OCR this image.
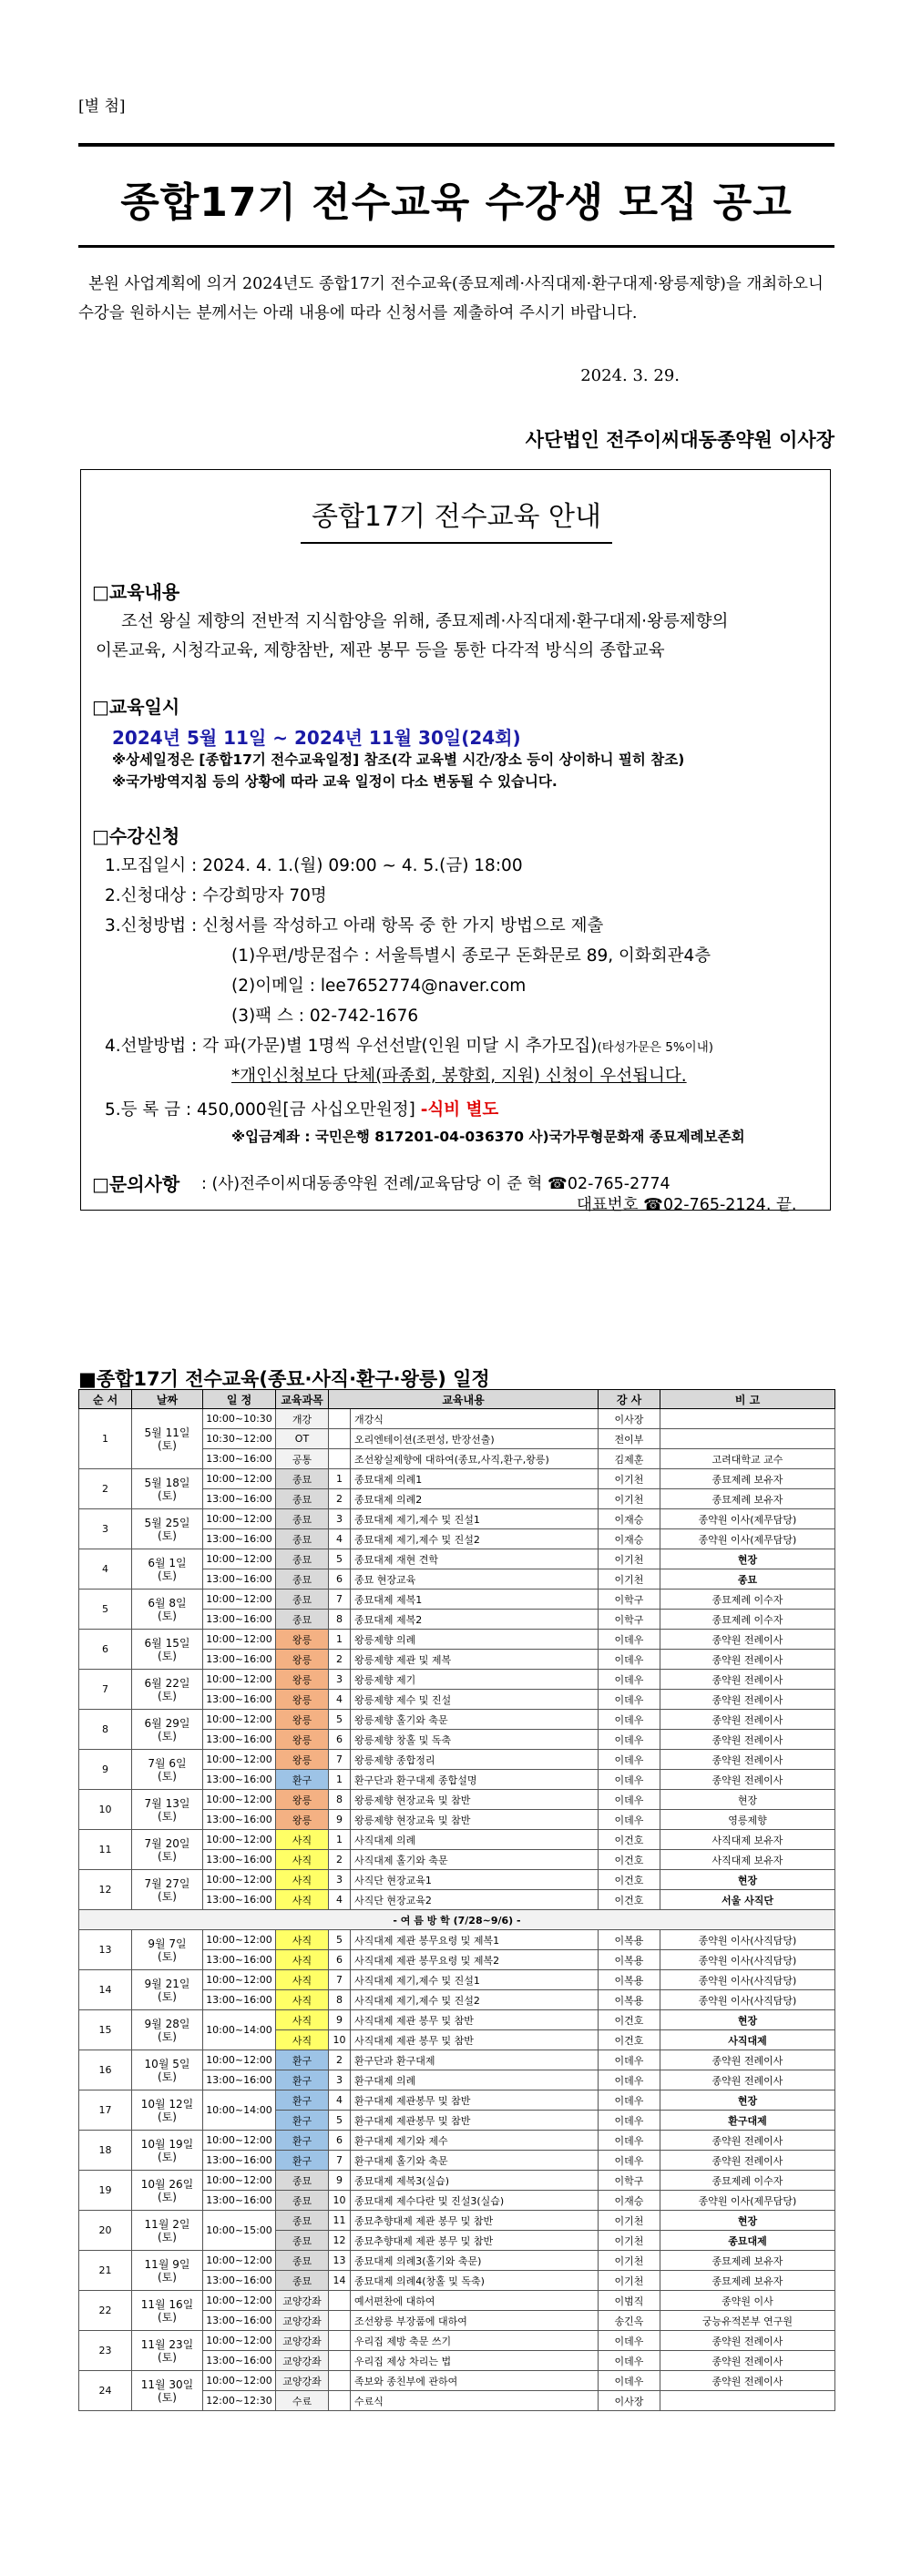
[별 첨]
종합17기 전수교육 수강생 모집 공고
본원 사업계획에 의거 2024년도 종합17기 전수교육(종묘제례·사직대제·환구대제·왕릉제향)을 개최하오니 수강을 원하시는 분께서는 아래 내용에 따라 신청서를 제출하여 주시기 바랍니다.
2024. 3. 29.
사단법인 전주이씨대동종약원 이사장
종합17기 전수교육 안내
□교육내용
조선 왕실 제향의 전반적 지식함양을 위해, 종묘제례·사직대제·환구대제·왕릉제향의
이론교육, 시청각교육, 제향참반, 제관 봉무 등을 통한 다각적 방식의 종합교육
□교육일시
2024년 5월 11일 ~ 2024년 11월 30일(24회)
※상세일정은 [종합17기 전수교육일정] 참조(각 교육별 시간/장소 등이 상이하니 필히 참조)
※국가방역지침 등의 상황에 따라 교육 일정이 다소 변동될 수 있습니다.
□수강신청
1.모집일시 : 2024. 4. 1.(월) 09:00 ~ 4. 5.(금) 18:00
2.신청대상 : 수강희망자 70명
3.신청방법 : 신청서를 작성하고 아래 항목 중 한 가지 방법으로 제출
(1)우편/방문접수 : 서울특별시 종로구 돈화문로 89, 이화회관4층
(2)이메일 : lee7652774@naver.com
(3)팩 스 : 02-742-1676
4.선발방법 : 각 파(가문)별 1명씩 우선선발(인원 미달 시 추가모집)(타성가문은 5%이내)
*개인신청보다 단체(파종회, 봉향회, 지원) 신청이 우선됩니다.
5.등 록 금 : 450,000원[금 사십오만원정] -식비 별도
※입금계좌 : 국민은행 817201-04-036370 사)국가무형문화재 종묘제례보존회
□문의사항 : (사)전주이씨대동종약원 전례/교육담당 이 준 혁 ☎02-765-2774
대표번호 ☎02-765-2124. 끝.
■종합17기 전수교육(종묘·사직·환구·왕릉) 일정
순 서	날짜	일 정	교육과목	교육내용		강 사	비 고
1	5월 11일
(토)	10:00~10:30	개강		개강식	이사장	
		10:30~12:00	OT		오리엔테이션(조편성, 반장선출)	전이부	
		13:00~16:00	공통		조선왕실제향에 대하여(종묘,사직,환구,왕릉)	김제훈	고려대학교 교수
2	5월 18일
(토)	10:00~12:00	종묘	1	종묘대제 의례1	이기천	종묘제례 보유자
		13:00~16:00	종묘	2	종묘대제 의례2	이기천	종묘제례 보유자
3	5월 25일
(토)	10:00~12:00	종묘	3	종묘대제 제기,제수 및 진설1	이재승	종약원 이사(제무담당)
		13:00~16:00	종묘	4	종묘대제 제기,제수 및 진설2	이재승	종약원 이사(제무담당)
4	6월 1일
(토)	10:00~12:00	종묘	5	종묘대제 재현 견학	이기천	현장
		13:00~16:00	종묘	6	종묘 현장교육	이기천	종묘
5	6월 8일
(토)	10:00~12:00	종묘	7	종묘대제 제복1	이학구	종묘제례 이수자
		13:00~16:00	종묘	8	종묘대제 제복2	이학구	종묘제례 이수자
6	6월 15일
(토)	10:00~12:00	왕릉	1	왕릉제향 의례	이데우	종약원 전례이사
		13:00~16:00	왕릉	2	왕릉제향 제관 및 제복	이데우	종약원 전례이사
7	6월 22일
(토)	10:00~12:00	왕릉	3	왕릉제향 제기	이데우	종약원 전례이사
		13:00~16:00	왕릉	4	왕릉제향 제수 및 진설	이데우	종약원 전례이사
8	6월 29일
(토)	10:00~12:00	왕릉	5	왕릉제향 홀기와 축문	이데우	종약원 전례이사
		13:00~16:00	왕릉	6	왕릉제향 창홀 및 독축	이데우	종약원 전례이사
9	7월 6일
(토)	10:00~12:00	왕릉	7	왕릉제향 종합정리	이데우	종약원 전례이사
		13:00~16:00	환구	1	환구단과 환구대제 종합설명	이데우	종약원 전례이사
10	7월 13일
(토)	10:00~12:00	왕릉	8	왕릉제향 현장교육 및 참반	이데우	현장
		13:00~16:00	왕릉	9	왕릉제향 현장교육 및 참반	이데우	영릉제향
11	7월 20일
(토)	10:00~12:00	사직	1	사직대제 의례	이건호	사직대제 보유자
		13:00~16:00	사직	2	사직대제 홀기와 축문	이건호	사직대제 보유자
12	7월 27일
(토)	10:00~12:00	사직	3	사직단 현장교육1	이건호	현장
		13:00~16:00	사직	4	사직단 현장교육2	이건호	서울 사직단
- 여 름 방 학 (7/28~9/6) -							
13	9월 7일
(토)	10:00~12:00	사직	5	사직대제 제관 봉무요령 및 제복1	이복용	종약원 이사(사직담당)
		13:00~16:00	사직	6	사직대제 제관 봉무요령 및 제복2	이복용	종약원 이사(사직담당)
14	9월 21일
(토)	10:00~12:00	사직	7	사직대제 제기,제수 및 진설1	이복용	종약원 이사(사직담당)
		13:00~16:00	사직	8	사직대제 제기,제수 및 진설2	이복용	종약원 이사(사직담당)
15	9월 28일
(토)	10:00~14:00	사직	9	사직대제 제관 봉무 및 참반	이건호	현장
			사직	10	사직대제 제관 봉무 및 참반	이건호	사직대제
16	10월 5일
(토)	10:00~12:00	환구	2	환구단과 환구대제	이데우	종약원 전례이사
		13:00~16:00	환구	3	환구대제 의례	이데우	종약원 전례이사
17	10월 12일
(토)	10:00~14:00	환구	4	환구대제 제관봉무 및 참반	이데우	현장
			환구	5	환구대제 제관봉무 및 참반	이데우	환구대제
18	10월 19일
(토)	10:00~12:00	환구	6	환구대제 제기와 제수	이데우	종약원 전례이사
		13:00~16:00	환구	7	환구대제 홀기와 축문	이데우	종약원 전례이사
19	10월 26일
(토)	10:00~12:00	종묘	9	종묘대제 제복3(실습)	이학구	종묘제례 이수자
		13:00~16:00	종묘	10	종묘대제 제수다란 및 진설3(실습)	이재승	종약원 이사(제무담당)
20	11월 2일
(토)	10:00~15:00	종묘	11	종묘추향대제 제관 봉무 및 참반	이기천	현장
			종묘	12	종묘추향대제 제관 봉무 및 참반	이기천	종묘대제
21	11월 9일
(토)	10:00~12:00	종묘	13	종묘대제 의례3(홀기와 축문)	이기천	종묘제례 보유자
		13:00~16:00	종묘	14	종묘대제 의례4(창홀 및 독축)	이기천	종묘제례 보유자
22	11월 16일
(토)	10:00~12:00	교양강좌		예서편찬에 대하여	이범직	종약원 이사
		13:00~16:00	교양강좌		조선왕릉 부장품에 대하여	송긴옥	궁능유적본부 연구원
23	11월 23일
(토)	10:00~12:00	교양강좌		우리집 제방 축문 쓰기	이데우	종약원 전례이사
		13:00~16:00	교양강좌		우리집 제상 차리는 법	이데우	종약원 전례이사
24	11월 30일
(토)	10:00~12:00	교양강좌		족보와 종친부에 관하여	이데우	종약원 전례이사
		12:00~12:30	수료		수료식	이사장	
